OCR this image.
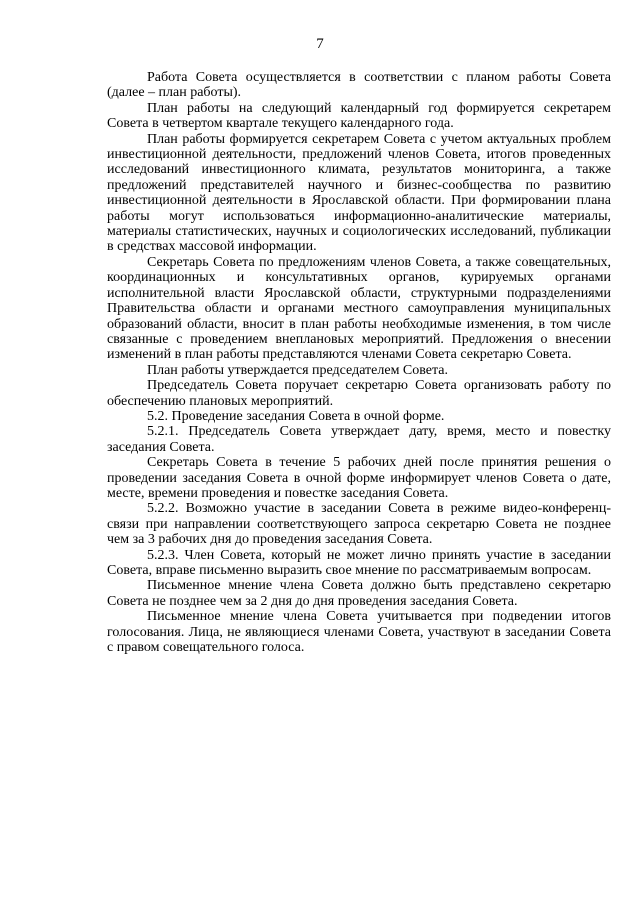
7

Работа Совета осуществляется в соответствии с планом работы Совета (далее – план работы).

План работы на следующий календарный год формируется секретарем Совета в четвертом квартале текущего календарного года.

План работы формируется секретарем Совета с учетом актуальных проблем инвестиционной деятельности, предложений членов Совета, итогов проведенных исследований инвестиционного климата, результатов мониторинга, а также предложений представителей научного и бизнес-сообщества по развитию инвестиционной деятельности в Ярославской области. При формировании плана работы могут использоваться информационно-аналитические материалы, материалы статистических, научных и социологических исследований, публикации в средствах массовой информации.

Секретарь Совета по предложениям членов Совета, а также совещательных, координационных и консультативных органов, курируемых органами исполнительной власти Ярославской области, структурными подразделениями Правительства области и органами местного самоуправления муниципальных образований области, вносит в план работы необходимые изменения, в том числе связанные с проведением внеплановых мероприятий. Предложения о внесении изменений в план работы представляются членами Совета секретарю Совета.

План работы утверждается председателем Совета.

Председатель Совета поручает секретарю Совета организовать работу по обеспечению плановых мероприятий.

5.2. Проведение заседания Совета в очной форме.

5.2.1. Председатель Совета утверждает дату, время, место и повестку заседания Совета.

Секретарь Совета в течение 5 рабочих дней после принятия решения о проведении заседания Совета в очной форме информирует членов Совета о дате, месте, времени проведения и повестке заседания Совета.

5.2.2. Возможно участие в заседании Совета в режиме видео-конференц-связи при направлении соответствующего запроса секретарю Совета не позднее чем за 3 рабочих дня до проведения заседания Совета.

5.2.3. Член Совета, который не может лично принять участие в заседании Совета, вправе письменно выразить свое мнение по рассматриваемым вопросам.

Письменное мнение члена Совета должно быть представлено секретарю Совета не позднее чем за 2 дня до дня проведения заседания Совета.

Письменное мнение члена Совета учитывается при подведении итогов голосования. Лица, не являющиеся членами Совета, участвуют в заседании Совета с правом совещательного голоса.
